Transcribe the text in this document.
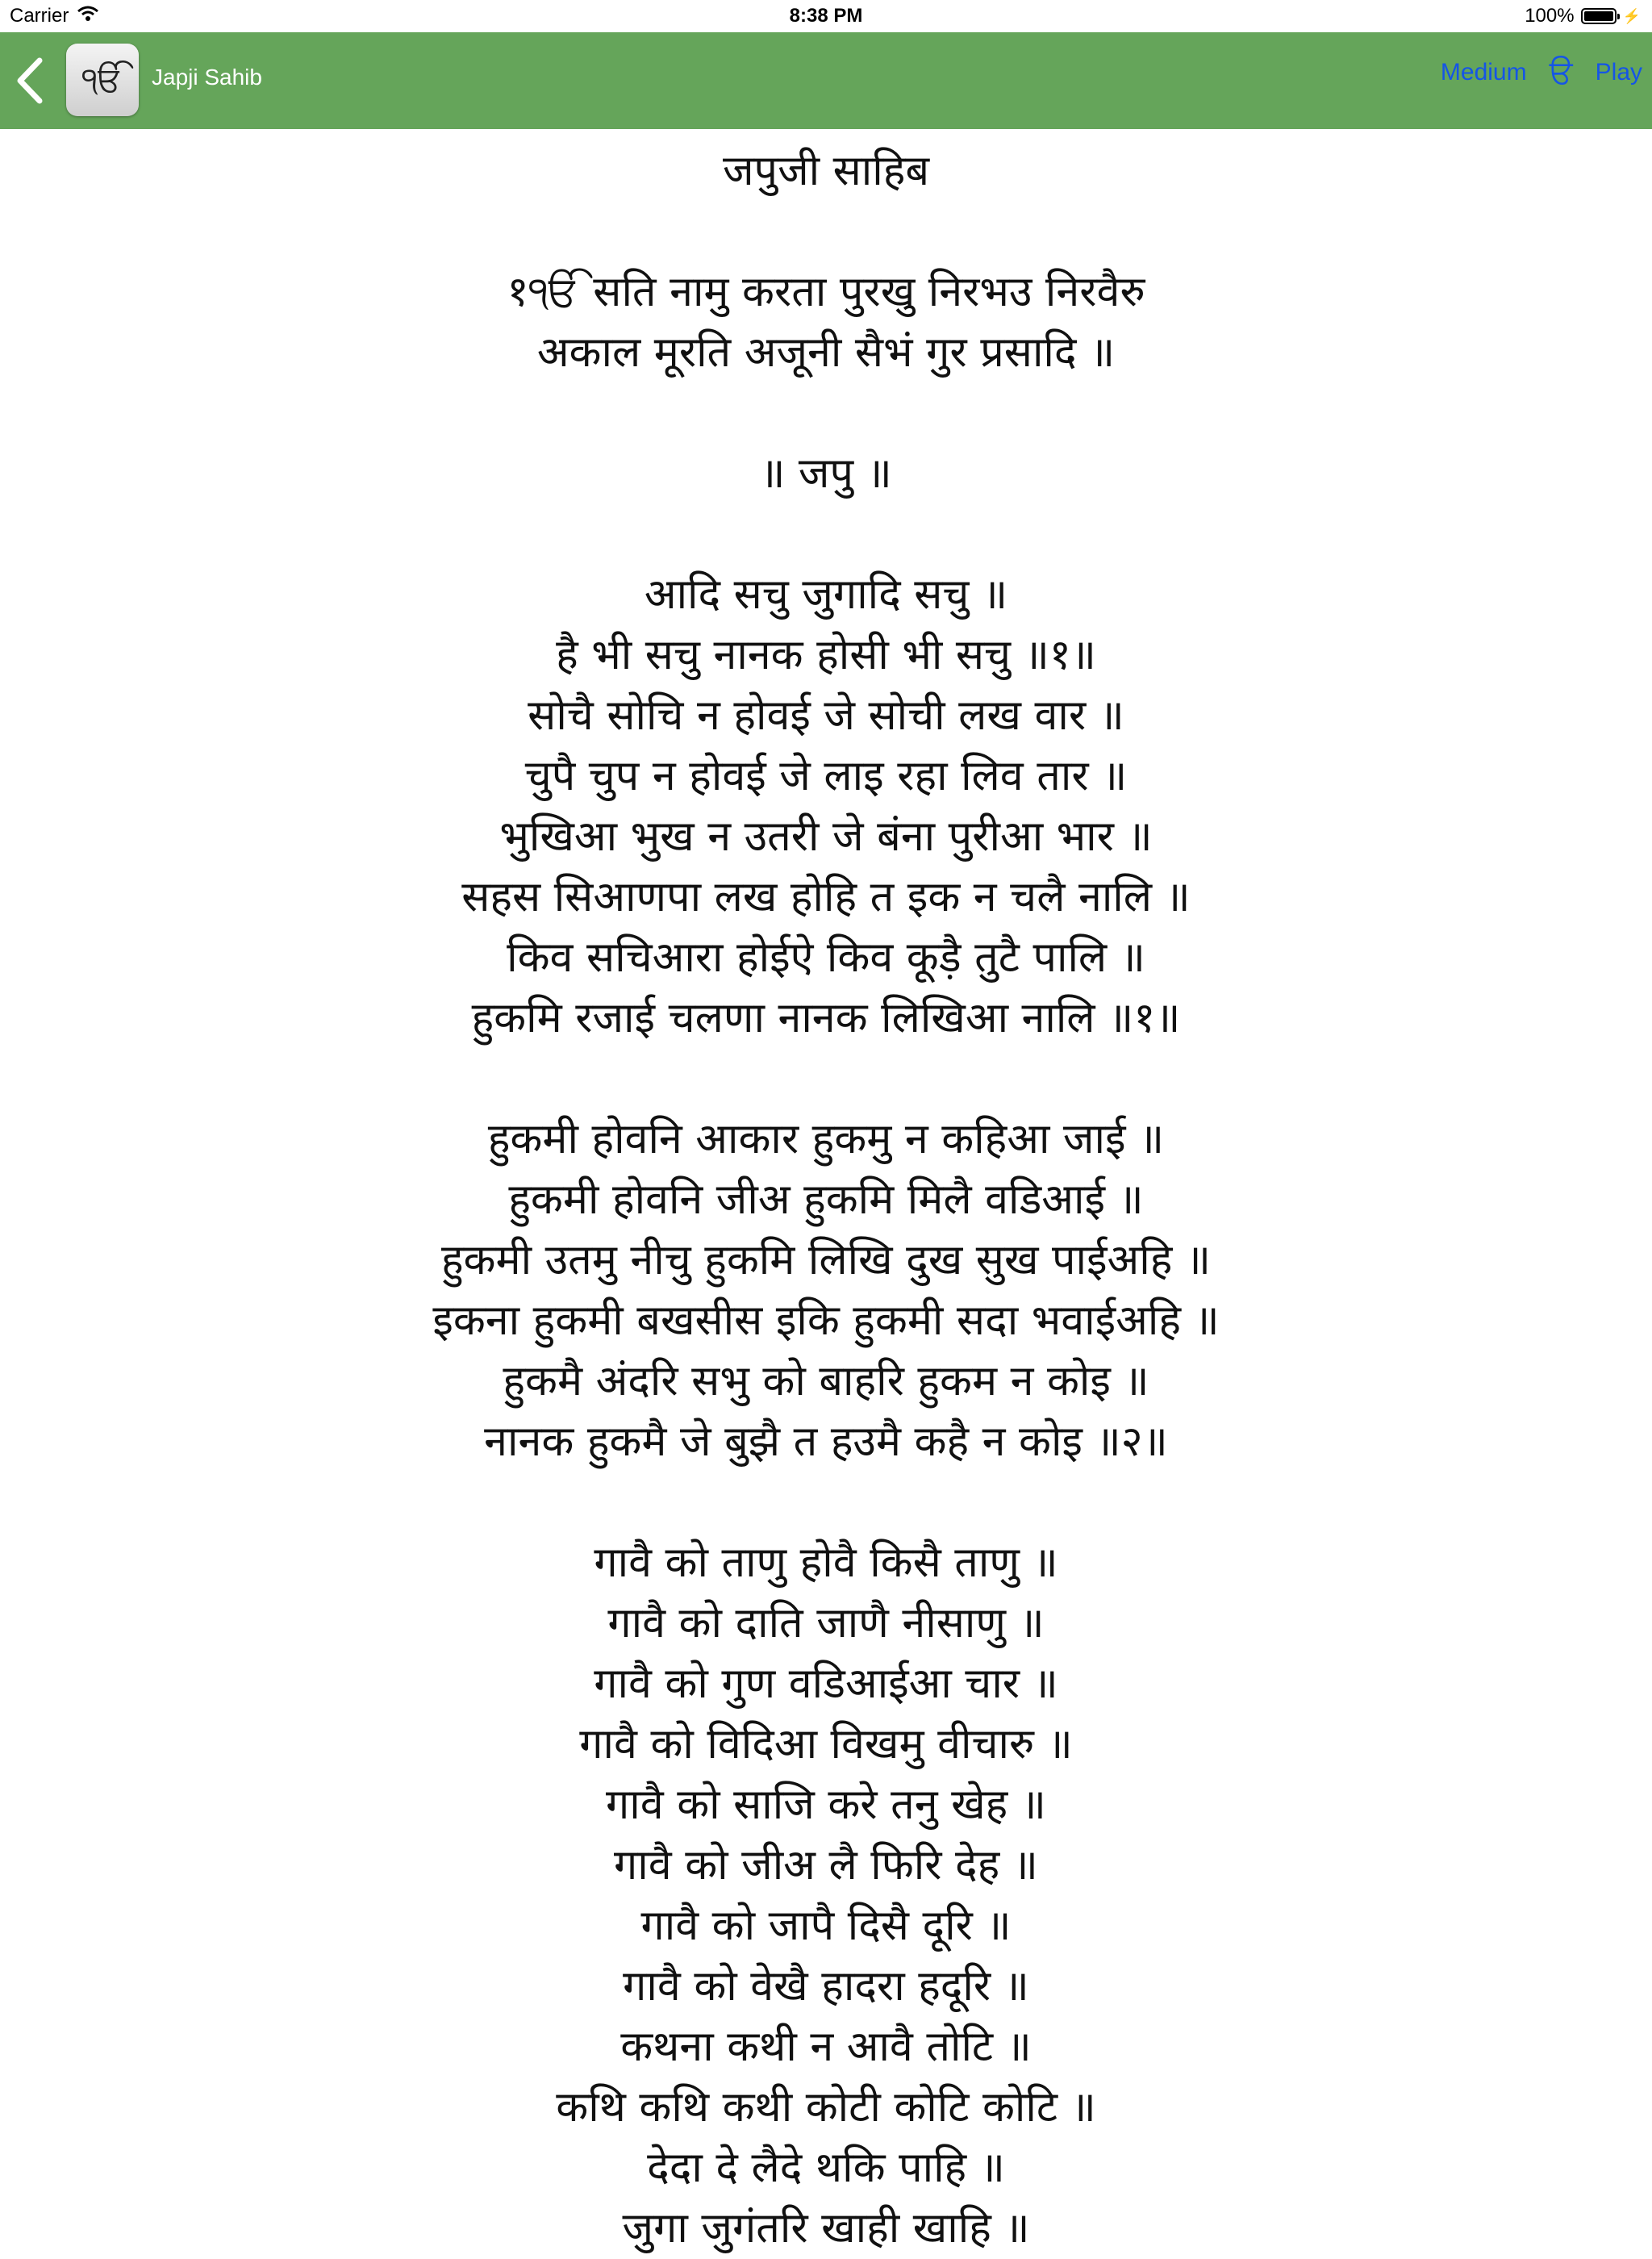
Carrier	8:38 PM	100%	⚡
ੴ	Japji Sahib	Medium ੳ Play
जपुजी साहिब
१ੴ सति नामु करता पुरखु निरभउ निरवैरु
अकाल मूरति अजूनी सैभं गुर प्रसादि ॥
॥ जपु ॥
आदि सचु जुगादि सचु ॥
है भी सचु नानक होसी भी सचु ॥१॥
सोचै सोचि न होवई जे सोची लख वार ॥
चुपै चुप न होवई जे लाइ रहा लिव तार ॥
भुखिआ भुख न उतरी जे बंना पुरीआ भार ॥
सहस सिआणपा लख होहि त इक न चलै नालि ॥
किव सचिआरा होईऐ किव कूड़ै तुटै पालि ॥
हुकमि रजाई चलणा नानक लिखिआ नालि ॥१॥
हुकमी होवनि आकार हुकमु न कहिआ जाई ॥
हुकमी होवनि जीअ हुकमि मिलै वडिआई ॥
हुकमी उतमु नीचु हुकमि लिखि दुख सुख पाईअहि ॥
इकना हुकमी बखसीस इकि हुकमी सदा भवाईअहि ॥
हुकमै अंदरि सभु को बाहरि हुकम न कोइ ॥
नानक हुकमै जे बुझै त हउमै कहै न कोइ ॥२॥
गावै को ताणु होवै किसै ताणु ॥
गावै को दाति जाणै नीसाणु ॥
गावै को गुण वडिआईआ चार ॥
गावै को विदिआ विखमु वीचारु ॥
गावै को साजि करे तनु खेह ॥
गावै को जीअ लै फिरि देह ॥
गावै को जापै दिसै दूरि ॥
गावै को वेखै हादरा हदूरि ॥
कथना कथी न आवै तोटि ॥
कथि कथि कथी कोटी कोटि कोटि ॥
देदा दे लैदे थकि पाहि ॥
जुगा जुगंतरि खाही खाहि ॥
